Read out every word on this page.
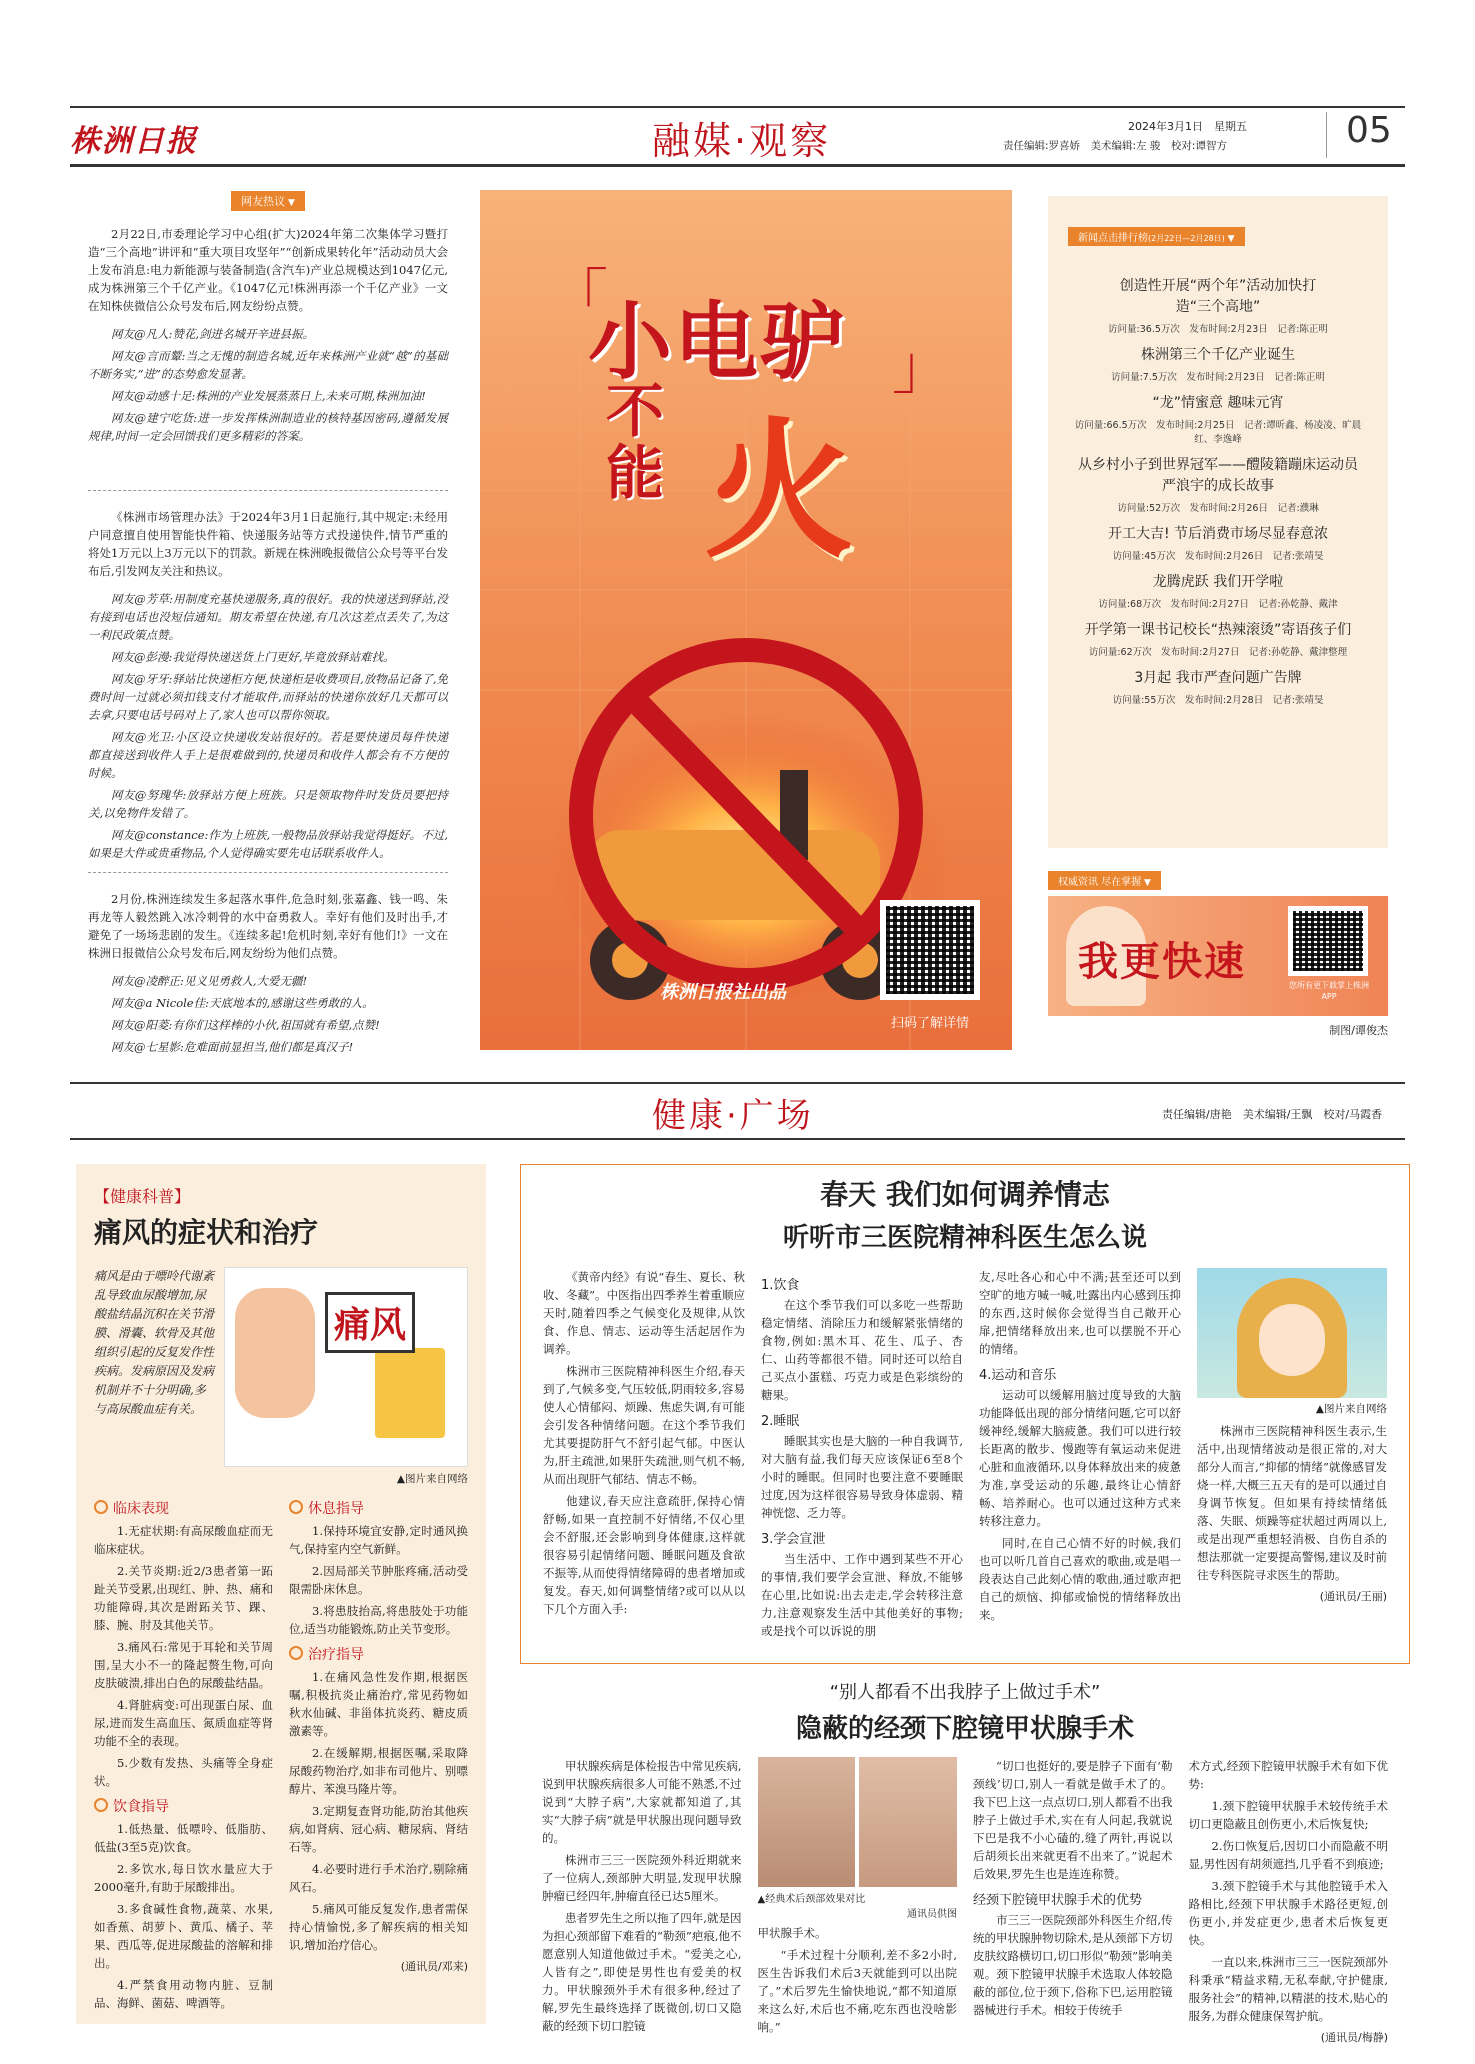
株洲日报	融媒·观察	2024年3月1日　 星期五
责任编辑:罗喜娇　美术编辑:左 骏　校对:谭智方	05
网友热议 ▼
2月22日,市委理论学习中心组(扩大)2024年第二次集体学习暨打造“三个高地”讲评和“重大项目攻坚年”“创新成果转化年”活动动员大会上发布消息:电力新能源与装备制造(含汽车)产业总规模达到1047亿元,成为株洲第三个千亿产业。《1047亿元!株洲再添一个千亿产业》一文在知株侠微信公众号发布后,网友纷纷点赞。
网友@凡人:赞花,剑进名城开辛进县振。
网友@言而颦:当之无愧的制造名城,近年来株洲产业就“越”的基础不断务实,“进”的态势愈发显著。
网友@动感十足:株洲的产业发展蒸蒸日上,未来可期,株洲加油!
网友@建宁吃货:进一步发挥株洲制造业的核特基因密码,遵循发展规律,时间一定会回馈我们更多精彩的答案。
《株洲市场管理办法》于2024年3月1日起施行,其中规定:未经用户同意擅自使用智能快件箱、快递服务站等方式投递快件,情节严重的将处1万元以上3万元以下的罚款。新规在株洲晚报微信公众号等平台发布后,引发网友关注和热议。
网友@芳草:用制度充基快递服务,真的很好。我的快递送到驿站,没有接到电话也没短信通知。期友希望在快递,有几次这差点丢失了,为这一利民政策点赞。
网友@彭漫:我觉得快递送货上门更好,毕竟放驿站难找。
网友@牙牙:驿站比快递柜方便,快递柜是收费项目,放物品记备了,免费时间一过就必须扣钱支付才能取件,而驿站的快递你放好几天都可以去拿,只要电话号码对上了,家人也可以帮你领取。
网友@光卫:小区设立快递收发站很好的。若是要快递员每件快递都直接送到收件人手上是很难做到的,快递员和收件人都会有不方便的时候。
网友@努瑰华:放驿站方便上班族。只是领取物件时发货员要把持关,以免物件发错了。
网友@constance:作为上班族,一般物品放驿站我觉得挺好。不过,如果是大件或贵重物品,个人觉得确实要先电话联系收件人。
2月份,株洲连续发生多起落水事件,危急时刻,张嘉鑫、钱一鸣、朱再龙等人毅然跳入冰冷刺骨的水中奋勇救人。幸好有他们及时出手,才避免了一场场悲剧的发生。《连续多起!危机时刻,幸好有他们!》一文在株洲日报微信公众号发布后,网友纷纷为他们点赞。
网友@凌醉正:见义见勇救人,大爱无疆!
网友@a Nicole佳:天底地本的,感谢这些勇敢的人。
网友@阳菱:有你们这样棒的小伙,祖国就有希望,点赞!
网友@七星影:危难面前显担当,他们都是真汉子!
小电驴
「
」
不能 火
扫码了解详情
株洲日报社出品
新闻点击排行榜(2月22日—2月28日) ▼
创造性开展“两个年”活动加快打造“三个高地”
访问量:36.5万次　发布时间:2月23日　记者:陈正明
株洲第三个千亿产业诞生
访问量:7.5万次　发布时间:2月23日　记者:陈正明
“龙”情蜜意 趣味元宵
访问量:66.5万次　发布时间:2月25日　记者:谭昕鑫、杨凌凌、旷晨红、李逸峰
从乡村小子到世界冠军——醴陵籍蹦床运动员严浪宇的成长故事
访问量:52万次　发布时间:2月26日　记者:濮琳
开工大吉! 节后消费市场尽显春意浓
访问量:45万次　发布时间:2月26日　记者:张靖旻
龙腾虎跃 我们开学啦
访问量:68万次　发布时间:2月27日　记者:孙乾静、戴津
开学第一课书记校长“热辣滚烫”寄语孩子们
访问量:62万次　发布时间:2月27日　记者:孙乾静、戴津整理
3月起 我市严查问题广告牌
访问量:55万次　发布时间:2月28日　记者:张靖旻
权威资讯 尽在掌握 ▼
我更快速
您所有更下载掌上株洲APP
制图/谭俊杰
健康·广场	责任编辑/唐艳　美术编辑/王飘　校对/马霞香
【健康科普】
痛风的症状和治疗
痛风是由于嘌呤代谢紊乱导致血尿酸增加,尿酸盐结晶沉积在关节滑膜、滑囊、软骨及其他组织引起的反复发作性疾病。发病原因及发病机制并不十分明确,多与高尿酸血症有关。
痛风
▲图片来自网络
临床表现
1.无症状期:有高尿酸血症而无临床症状。
2.关节炎期:近2/3患者第一跖趾关节受累,出现红、肿、热、痛和功能障碍,其次是跗跖关节、踝、膝、腕、肘及其他关节。
3.痛风石:常见于耳轮和关节周围,呈大小不一的隆起赘生物,可向皮肤破溃,排出白色的尿酸盐结晶。
4.肾脏病变:可出现蛋白尿、血尿,进而发生高血压、氮质血症等肾功能不全的表现。
5.少数有发热、头痛等全身症状。
饮食指导
1.低热量、低嘌呤、低脂肪、低盐(3至5克)饮食。
2.多饮水,每日饮水量应大于2000毫升,有助于尿酸排出。
3.多食碱性食物,蔬菜、水果,如香蕉、胡萝卜、黄瓜、橘子、苹果、西瓜等,促进尿酸盐的溶解和排出。
4.严禁食用动物内脏、豆制品、海鲜、菌菇、啤酒等。
休息指导
1.保持环境宜安静,定时通风换气,保持室内空气新鲜。
2.因局部关节肿胀疼痛,活动受限需卧床休息。
3.将患肢抬高,将患肢处于功能位,适当功能锻炼,防止关节变形。
治疗指导
1.在痛风急性发作期,根据医嘱,积极抗炎止痛治疗,常见药物如秋水仙碱、非甾体抗炎药、糖皮质激素等。
2.在缓解期,根据医嘱,采取降尿酸药物治疗,如非布司他片、别嘌醇片、苯溴马隆片等。
3.定期复查肾功能,防治其他疾病,如肾病、冠心病、糖尿病、肾结石等。
4.必要时进行手术治疗,剔除痛风石。
5.痛风可能反复发作,患者需保持心情愉悦,多了解疾病的相关知识,增加治疗信心。
(通讯员/邓来)
春天 我们如何调养情志
听听市三医院精神科医生怎么说
《黄帝内经》有说“春生、夏长、秋收、冬藏”。中医指出四季养生着重顺应天时,随着四季之气候变化及规律,从饮食、作息、情志、运动等生活起居作为调养。
株洲市三医院精神科医生介绍,春天到了,气候多变,气压较低,阴雨较多,容易使人心情郁闷、烦躁、焦虑失调,有可能会引发各种情绪问题。在这个季节我们尤其要提防肝气不舒引起气郁。中医认为,肝主疏泄,如果肝失疏泄,则气机不畅,从而出现肝气郁结、情志不畅。
他建议,春天应注意疏肝,保持心情舒畅,如果一直控制不好情绪,不仅心里会不舒服,还会影响到身体健康,这样就很容易引起情绪问题、睡眠问题及食欲不振等,从而使得情绪障碍的患者增加或复发。春天,如何调整情绪?或可以从以下几个方面入手:
1.饮食
在这个季节我们可以多吃一些帮助稳定情绪、消除压力和缓解紧张情绪的食物,例如:黑木耳、花生、瓜子、杏仁、山药等都很不错。同时还可以给自己买点小蛋糕、巧克力或是色彩缤纷的糖果。
2.睡眠
睡眠其实也是大脑的一种自我调节,对大脑有益,我们每天应该保证6至8个小时的睡眠。但同时也要注意不要睡眠过度,因为这样很容易导致身体虚弱、精神恍惚、乏力等。
3.学会宣泄
当生活中、工作中遇到某些不开心的事情,我们要学会宣泄、释放,不能够在心里,比如说:出去走走,学会转移注意力,注意观察发生活中其他美好的事物;或是找个可以诉说的朋
友,尽吐各心和心中不满;甚至还可以到空旷的地方喊一喊,吐露出内心感到压抑的东西,这时候你会觉得当自己敞开心扉,把情绪释放出来,也可以摆脱不开心的情绪。
4.运动和音乐
运动可以缓解用脑过度导致的大脑功能降低出现的部分情绪问题,它可以舒缓神经,缓解大脑疲惫。我们可以进行较长距离的散步、慢跑等有氧运动来促进心脏和血液循环,以身体释放出来的疲惫为准,享受运动的乐趣,最终让心情舒畅、培养耐心。也可以通过这种方式来转移注意力。
同时,在自己心情不好的时候,我们也可以听几首自己喜欢的歌曲,或是唱一段表达自己此刻心情的歌曲,通过歌声把自己的烦恼、抑郁或愉悦的情绪释放出来。
▲图片来自网络
株洲市三医院精神科医生表示,生活中,出现情绪波动是很正常的,对大部分人而言,“抑郁的情绪”就像感冒发烧一样,大概三五天有的是可以通过自身调节恢复。但如果有持续情绪低落、失眠、烦躁等症状超过两周以上,或是出现严重想轻消极、自伤自杀的想法那就一定要提高警惕,建议及时前往专科医院寻求医生的帮助。
(通讯员/王丽)
“别人都看不出我脖子上做过手术”
隐蔽的经颈下腔镜甲状腺手术
甲状腺疾病是体检报告中常见疾病,说到甲状腺疾病很多人可能不熟悉,不过说到“大脖子病”,大家就都知道了,其实“大脖子病”就是甲状腺出现问题导致的。
株洲市三三一医院颈外科近期就来了一位病人,颈部肿大明显,发现甲状腺肿瘤已经四年,肿瘤直径已达5厘米。
患者罗先生之所以拖了四年,就是因为担心颈部留下难看的“勒颈”疤痕,他不愿意别人知道他做过手术。“爱美之心,人皆有之”,即使是男性也有爱美的权力。甲状腺颈外手术有很多种,经过了解,罗先生最终选择了既微创,切口又隐蔽的经颈下切口腔镜
▲经典术后颈部效果对比
通讯员供图
甲状腺手术。
“手术过程十分顺利,差不多2小时,医生告诉我们术后3天就能到可以出院了。”术后罗先生愉快地说,“都不知道原来这么好,术后也不痛,吃东西也没啥影响。”
“切口也挺好的,要是脖子下面有‘勒颈线’切口,别人一看就是做手术了的。我下巴上这一点点切口,别人都看不出我脖子上做过手术,实在有人问起,我就说下巴是我不小心磕的,缝了两针,再说以后胡须长出来就更看不出来了。”说起术后效果,罗先生也是连连称赞。
经颈下腔镜甲状腺手术的优势
市三三一医院颈部外科医生介绍,传统的甲状腺肿物切除术,是从颈部下方切皮肤纹路横切口,切口形似“勒颈”影响美观。颈下腔镜甲状腺手术选取人体较隐蔽的部位,位于颈下,俗称下巴,运用腔镜器械进行手术。相较于传统手
术方式,经颈下腔镜甲状腺手术有如下优势:
1.颈下腔镜甲状腺手术较传统手术切口更隐蔽且创伤更小,术后恢复快;
2.伤口恢复后,因切口小而隐蔽不明显,男性因有胡须遮挡,几乎看不到痕迹;
3.颈下腔镜手术与其他腔镜手术入路相比,经颈下甲状腺手术路径更短,创伤更小,并发症更少,患者术后恢复更快。
一直以来,株洲市三三一医院颈部外科秉承“精益求精,无私奉献,守护健康,服务社会”的精神,以精湛的技术,贴心的服务,为群众健康保驾护航。
(通讯员/梅静)
